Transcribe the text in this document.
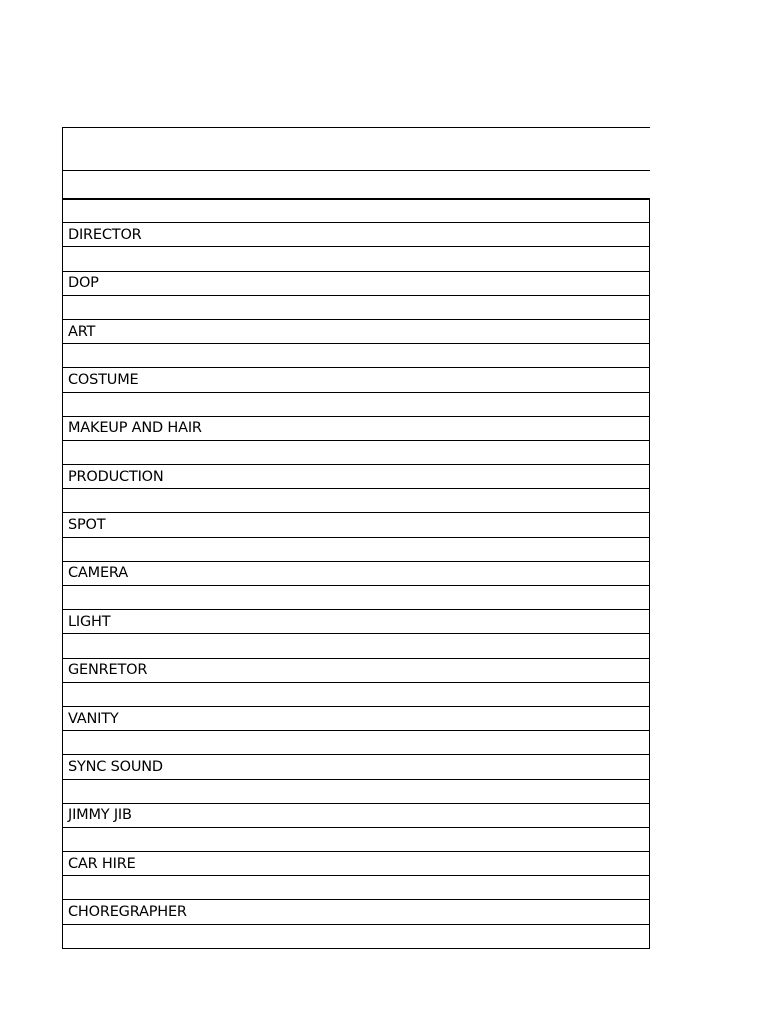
DIRECTOR
DOP
ART
COSTUME
MAKEUP AND HAIR
PRODUCTION
SPOT
CAMERA
LIGHT
GENRETOR
VANITY
SYNC SOUND
JIMMY JIB
CAR HIRE
CHOREGRAPHER
